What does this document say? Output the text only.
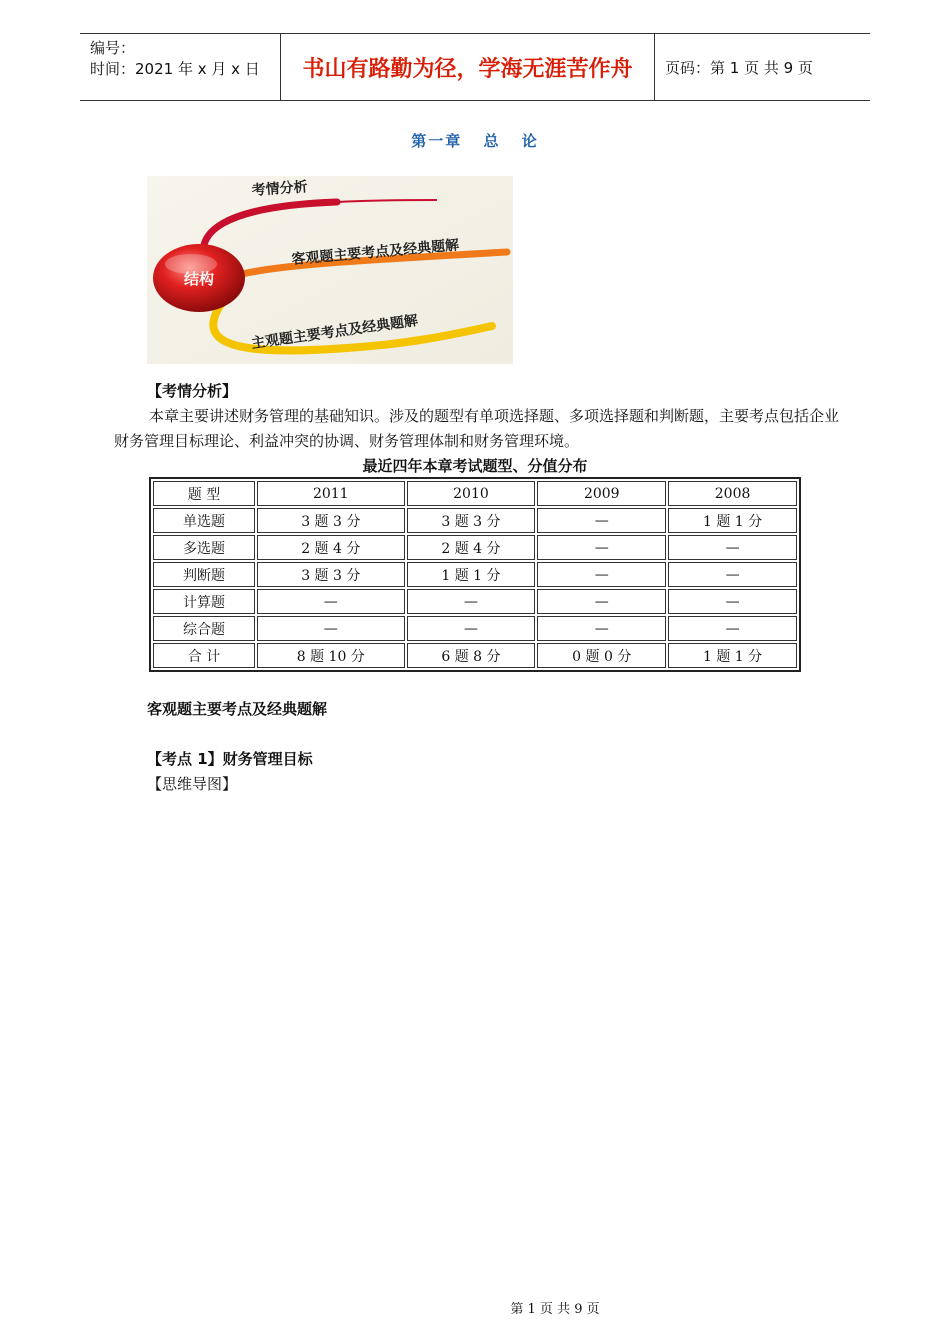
编号：
时间：2021 年 x 月 x 日	书山有路勤为径，学海无涯苦作舟	页码：第 1 页 共 9 页
第一章 总 论
结构
考情分析
客观题主要考点及经典题解
主观题主要考点及经典题解
【考情分析】
本章主要讲述财务管理的基础知识。涉及的题型有单项选择题、多项选择题和判断题，主要考点包括企业财务管理目标理论、利益冲突的协调、财务管理体制和财务管理环境。
最近四年本章考试题型、分值分布
题 型	2011	2010	2009	2008
单选题	3 题 3 分	3 题 3 分	—	1 题 1 分
多选题	2 题 4 分	2 题 4 分	—	—
判断题	3 题 3 分	1 题 1 分	—	—
计算题	—	—	—	—
综合题	—	—	—	—
合 计	8 题 10 分	6 题 8 分	0 题 0 分	1 题 1 分
客观题主要考点及经典题解
【考点 1】财务管理目标
【思维导图】
第 1 页 共 9 页
